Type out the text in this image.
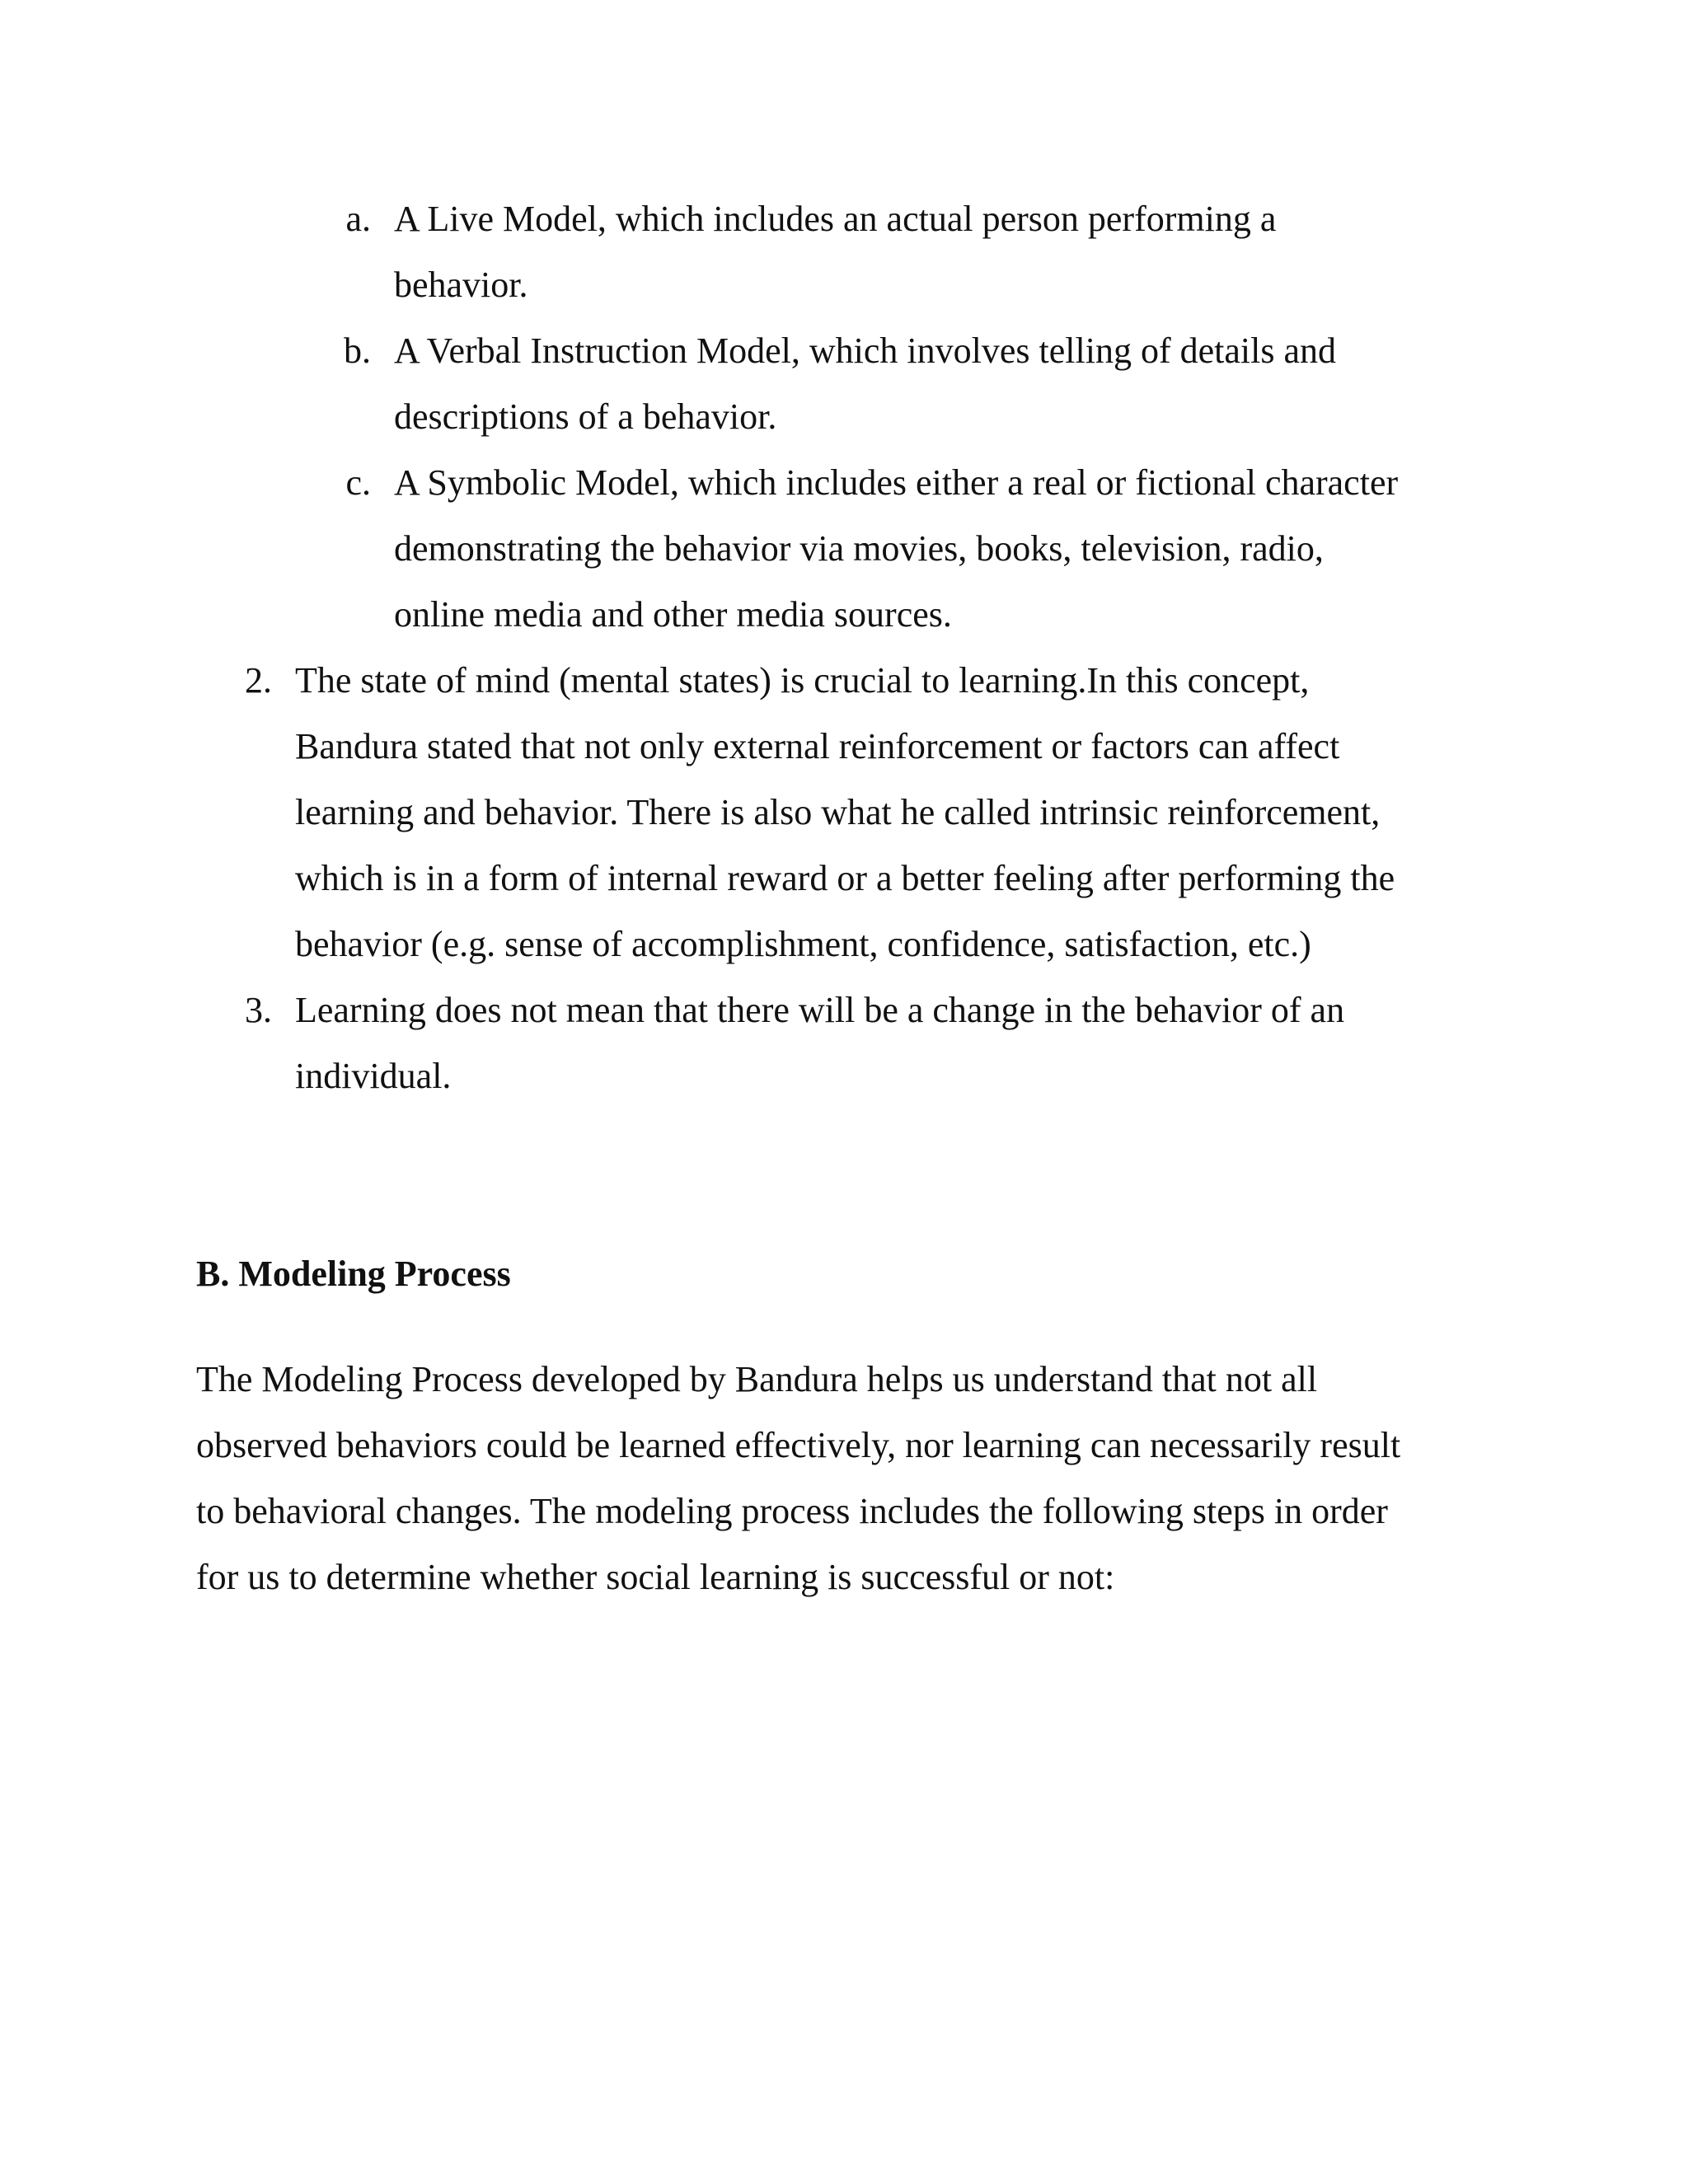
a. A Live Model, which includes an actual person performing a
behavior.
b. A Verbal Instruction Model, which involves telling of details and
descriptions of a behavior.
c. A Symbolic Model, which includes either a real or fictional character
demonstrating the behavior via movies, books, television, radio,
online media and other media sources.
2. The state of mind (mental states) is crucial to learning.In this concept,
Bandura stated that not only external reinforcement or factors can affect
learning and behavior. There is also what he called intrinsic reinforcement,
which is in a form of internal reward or a better feeling after performing the
behavior (e.g. sense of accomplishment, confidence, satisfaction, etc.)
3. Learning does not mean that there will be a change in the behavior of an
individual.
B. Modeling Process
The Modeling Process developed by Bandura helps us understand that not all
observed behaviors could be learned effectively, nor learning can necessarily result
to behavioral changes. The modeling process includes the following steps in order
for us to determine whether social learning is successful or not:
